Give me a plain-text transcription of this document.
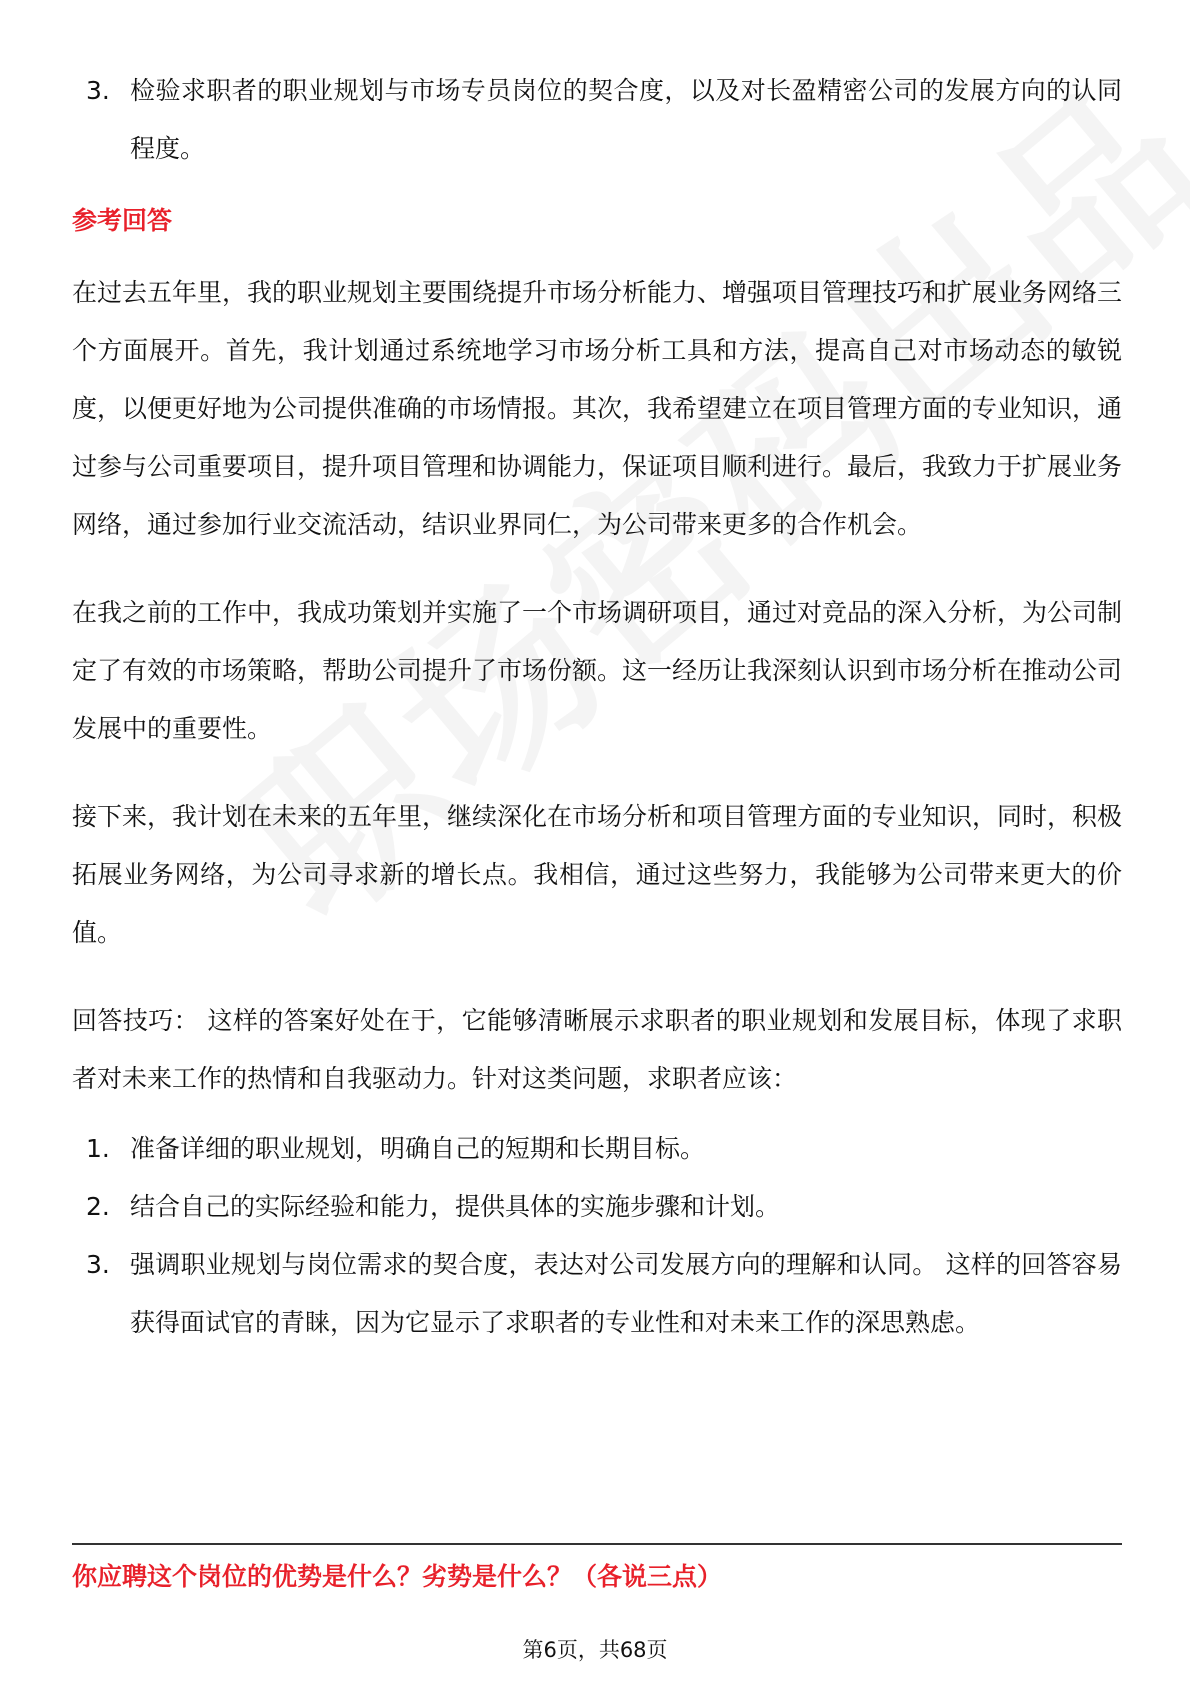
3. 检验求职者的职业规划与市场专员岗位的契合度，以及对长盈精密公司的发展方向的认同程度。
参考回答
在过去五年里，我的职业规划主要围绕提升市场分析能力、增强项目管理技巧和扩展业务网络三个方面展开。首先，我计划通过系统地学习市场分析工具和方法，提高自己对市场动态的敏锐度，以便更好地为公司提供准确的市场情报。其次，我希望建立在项目管理方面的专业知识，通过参与公司重要项目，提升项目管理和协调能力，保证项目顺利进行。最后，我致力于扩展业务网络，通过参加行业交流活动，结识业界同仁，为公司带来更多的合作机会。
在我之前的工作中，我成功策划并实施了一个市场调研项目，通过对竞品的深入分析，为公司制定了有效的市场策略，帮助公司提升了市场份额。这一经历让我深刻认识到市场分析在推动公司发展中的重要性。
接下来，我计划在未来的五年里，继续深化在市场分析和项目管理方面的专业知识，同时，积极拓展业务网络，为公司寻求新的增长点。我相信，通过这些努力，我能够为公司带来更大的价值。
回答技巧： 这样的答案好处在于，它能够清晰展示求职者的职业规划和发展目标，体现了求职者对未来工作的热情和自我驱动力。针对这类问题，求职者应该：
1. 准备详细的职业规划，明确自己的短期和长期目标。
2. 结合自己的实际经验和能力，提供具体的实施步骤和计划。
3. 强调职业规划与岗位需求的契合度，表达对公司发展方向的理解和认同。 这样的回答容易获得面试官的青睐，因为它显示了求职者的专业性和对未来工作的深思熟虑。
你应聘这个岗位的优势是什么？劣势是什么？（各说三点）
第6页，共68页
